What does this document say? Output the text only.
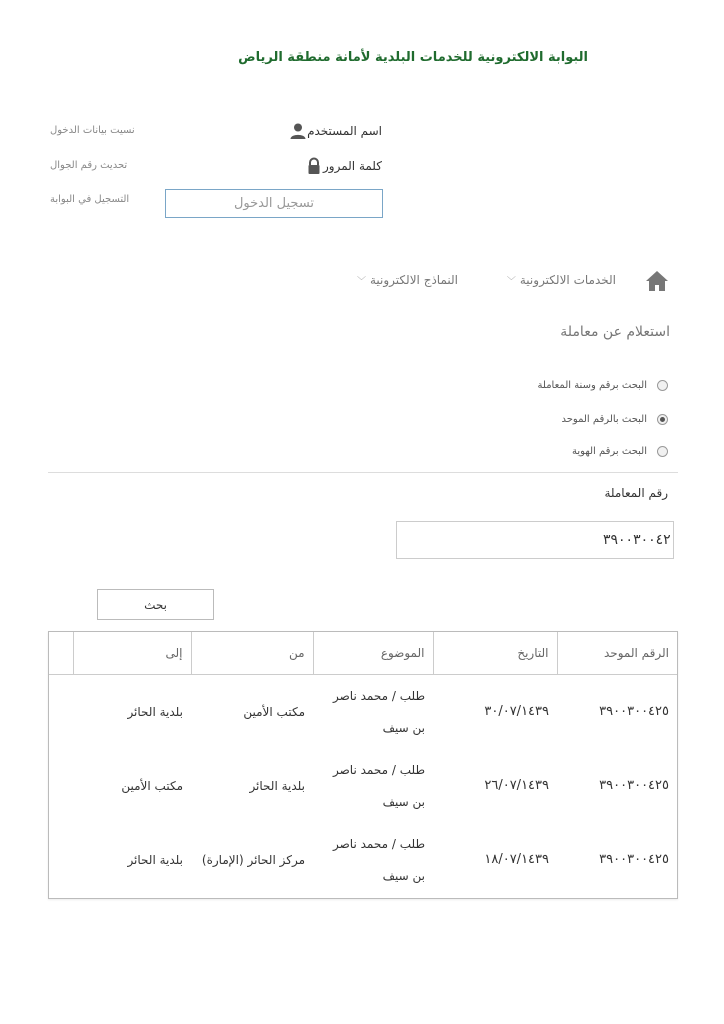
البوابة الالكترونية للخدمات البلدية لأمانة منطقة الرياض
اسم المستخدم
كلمة المرور
نسيت بيانات الدخول
تحديث رقم الجوال
التسجيل في البوابة	تسجيل الدخول
﹀ الخدمات الالكترونية
﹀ النماذج الالكترونية
استعلام عن معاملة
البحث برقم وسنة المعاملة
البحث بالرقم الموحد
البحث برقم الهوية
رقم المعاملة
٣٩٠٠٣٠٠٤٢٥
بحث
الرقم الموحد	التاريخ	الموضوع	من	إلى	
٣٩٠٠٣٠٠٤٢٥	٣٠/٠٧/١٤٣٩	طلب / محمد ناصر بن سيف	مكتب الأمين	بلدية الحائر	
٣٩٠٠٣٠٠٤٢٥	٢٦/٠٧/١٤٣٩	طلب / محمد ناصر بن سيف	بلدية الحائر	مكتب الأمين	
٣٩٠٠٣٠٠٤٢٥	١٨/٠٧/١٤٣٩	طلب / محمد ناصر بن سيف	مركز الحائر (الإمارة)	بلدية الحائر	
